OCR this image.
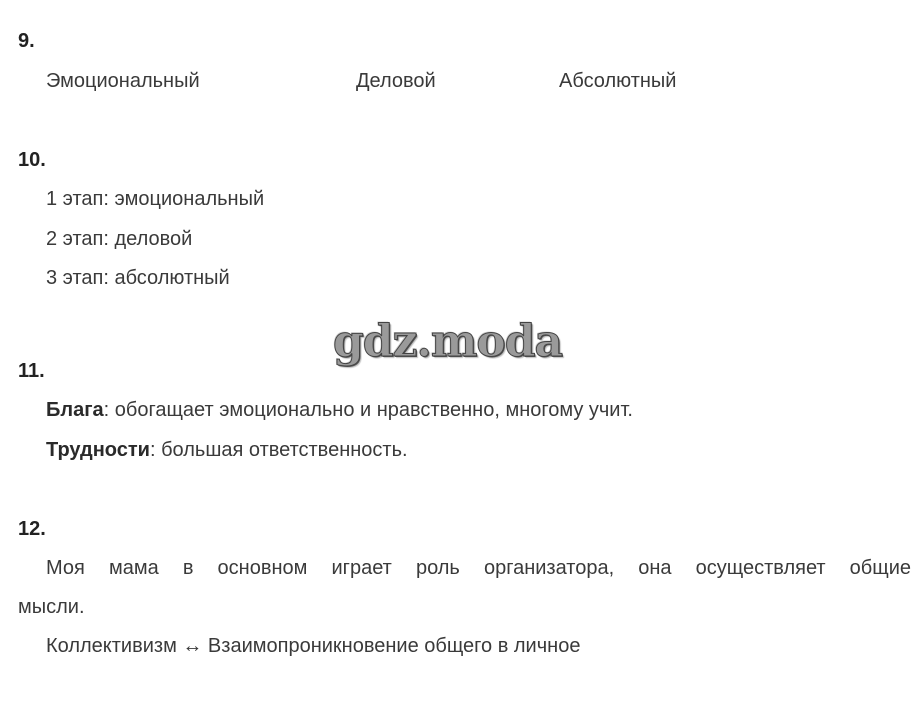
9.
Эмоциональный	Деловой	Абсолютный
10.
1 этап: эмоциональный
2 этап: деловой
3 этап: абсолютный
gdz.moda
11.
Блага: обогащает эмоционально и нравственно, многому учит.
Трудности: большая ответственность.
12.
Моя мама в основном играет роль организатора, она осуществляет общие
мысли.
Коллективизм ↔ Взаимопроникновение общего в личное
